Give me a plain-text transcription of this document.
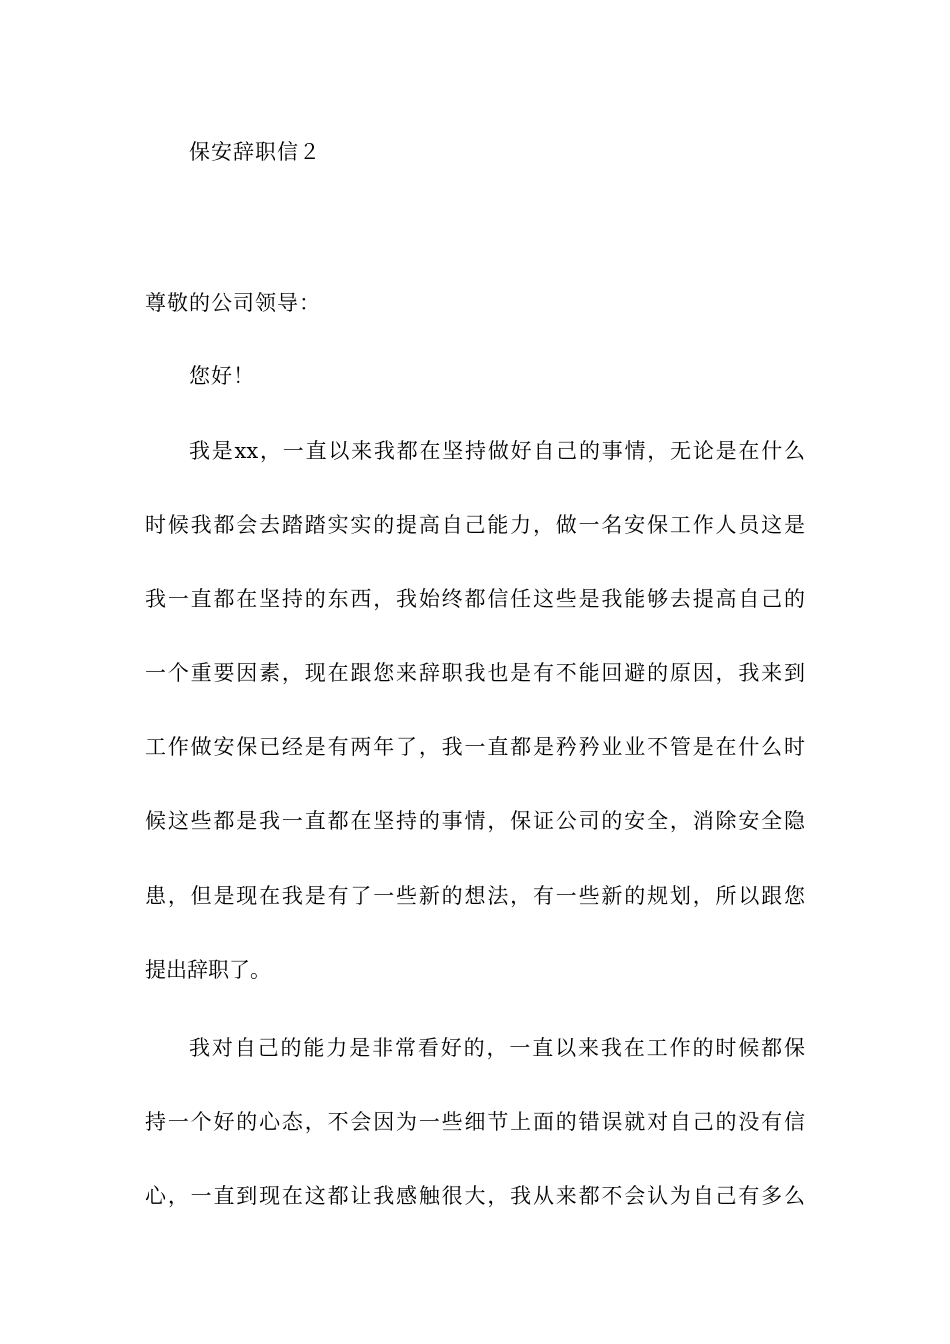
保安辞职信２
尊敬的公司领导：
您好！
我是xx，一直以来我都在坚持做好自己的事情，无论是在什么
时候我都会去踏踏实实的提高自己能力，做一名安保工作人员这是
我一直都在坚持的东西，我始终都信任这些是我能够去提高自己的
一个重要因素，现在跟您来辞职我也是有不能回避的原因，我来到
工作做安保已经是有两年了，我一直都是矜矜业业不管是在什么时
候这些都是我一直都在坚持的事情，保证公司的安全，消除安全隐
患，但是现在我是有了一些新的想法，有一些新的规划，所以跟您
提出辞职了。
我对自己的能力是非常看好的，一直以来我在工作的时候都保
持一个好的心态，不会因为一些细节上面的错误就对自己的没有信
心，一直到现在这都让我感触很大，我从来都不会认为自己有多么
